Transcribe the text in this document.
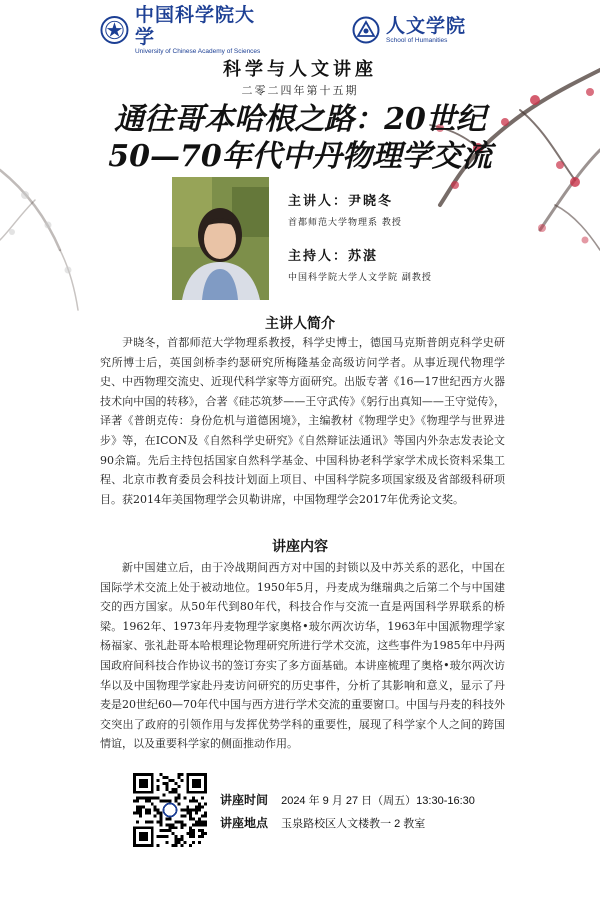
中国科学院大学
University of Chinese Academy of Sciences
人文学院
School of Humanities
科学与人文讲座
二零二四年第十五期
通往哥本哈根之路：20世纪
50—70年代中丹物理学交流
主讲人：尹晓冬
首都师范大学物理系 教授
主持人：苏湛
中国科学院大学人文学院 副教授
主讲人简介
尹晓冬，首都师范大学物理系教授，科学史博士，德国马克斯普朗克科学史研究所博士后，英国剑桥李约瑟研究所梅隆基金高级访问学者。从事近现代物理学史、中西物理交流史、近现代科学家等方面研究。出版专著《16—17世纪西方火器技术向中国的转移》，合著《硅芯筑梦——王守武传》《躬行出真知——王守觉传》，译著《普朗克传：身份危机与道德困境》，主编教材《物理学史》《物理学与世界进步》等，在ICON及《自然科学史研究》《自然辩证法通讯》等国内外杂志发表论文90余篇。先后主持包括国家自然科学基金、中国科协老科学家学术成长资料采集工程、北京市教育委员会科技计划面上项目、中国科学院多项国家级及省部级科研项目。获2014年美国物理学会贝勒讲席，中国物理学会2017年优秀论文奖。
讲座内容
新中国建立后，由于冷战期间西方对中国的封锁以及中苏关系的恶化，中国在国际学术交流上处于被动地位。1950年5月，丹麦成为继瑞典之后第二个与中国建交的西方国家。从50年代到80年代，科技合作与交流一直是两国科学界联系的桥梁。1962年、1973年丹麦物理学家奥格•玻尔两次访华，1963年中国派物理学家杨福家、张礼赴哥本哈根理论物理研究所进行学术交流，这些事件为1985年中丹两国政府间科技合作协议书的签订夯实了多方面基础。本讲座梳理了奥格•玻尔两次访华以及中国物理学家赴丹麦访问研究的历史事件，分析了其影响和意义，显示了丹麦是20世纪60—70年代中国与西方进行学术交流的重要窗口。中国与丹麦的科技外交突出了政府的引领作用与发挥优势学科的重要性，展现了科学家个人之间的跨国情谊，以及重要科学家的侧面推动作用。
讲座时间 2024 年 9 月 27 日（周五）13:30-16:30
讲座地点 玉泉路校区人文楼教一 2 教室
